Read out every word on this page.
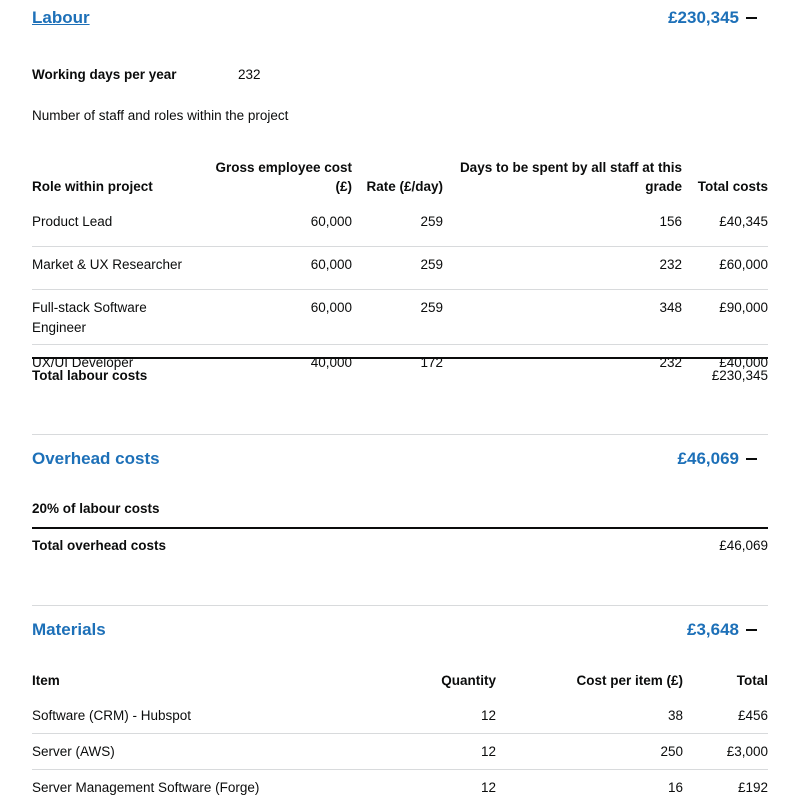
Labour	£230,345
Working days per year	232
Number of staff and roles within the project
Role within project	Gross employee cost (£)	Rate (£/day)	Days to be spent by all staff at this grade	Total costs
Product Lead	60,000	259	156	£40,345
Market & UX Researcher	60,000	259	232	£60,000
Full-stack Software Engineer	60,000	259	348	£90,000
UX/UI Developer	40,000	172	232	£40,000
Total labour costs	£230,345
Overhead costs	£46,069
20% of labour costs
Total overhead costs	£46,069
Materials	£3,648
Item	Quantity	Cost per item (£)	Total
Software (CRM) - Hubspot	12	38	£456
Server (AWS)	12	250	£3,000
Server Management Software (Forge)	12	16	£192
